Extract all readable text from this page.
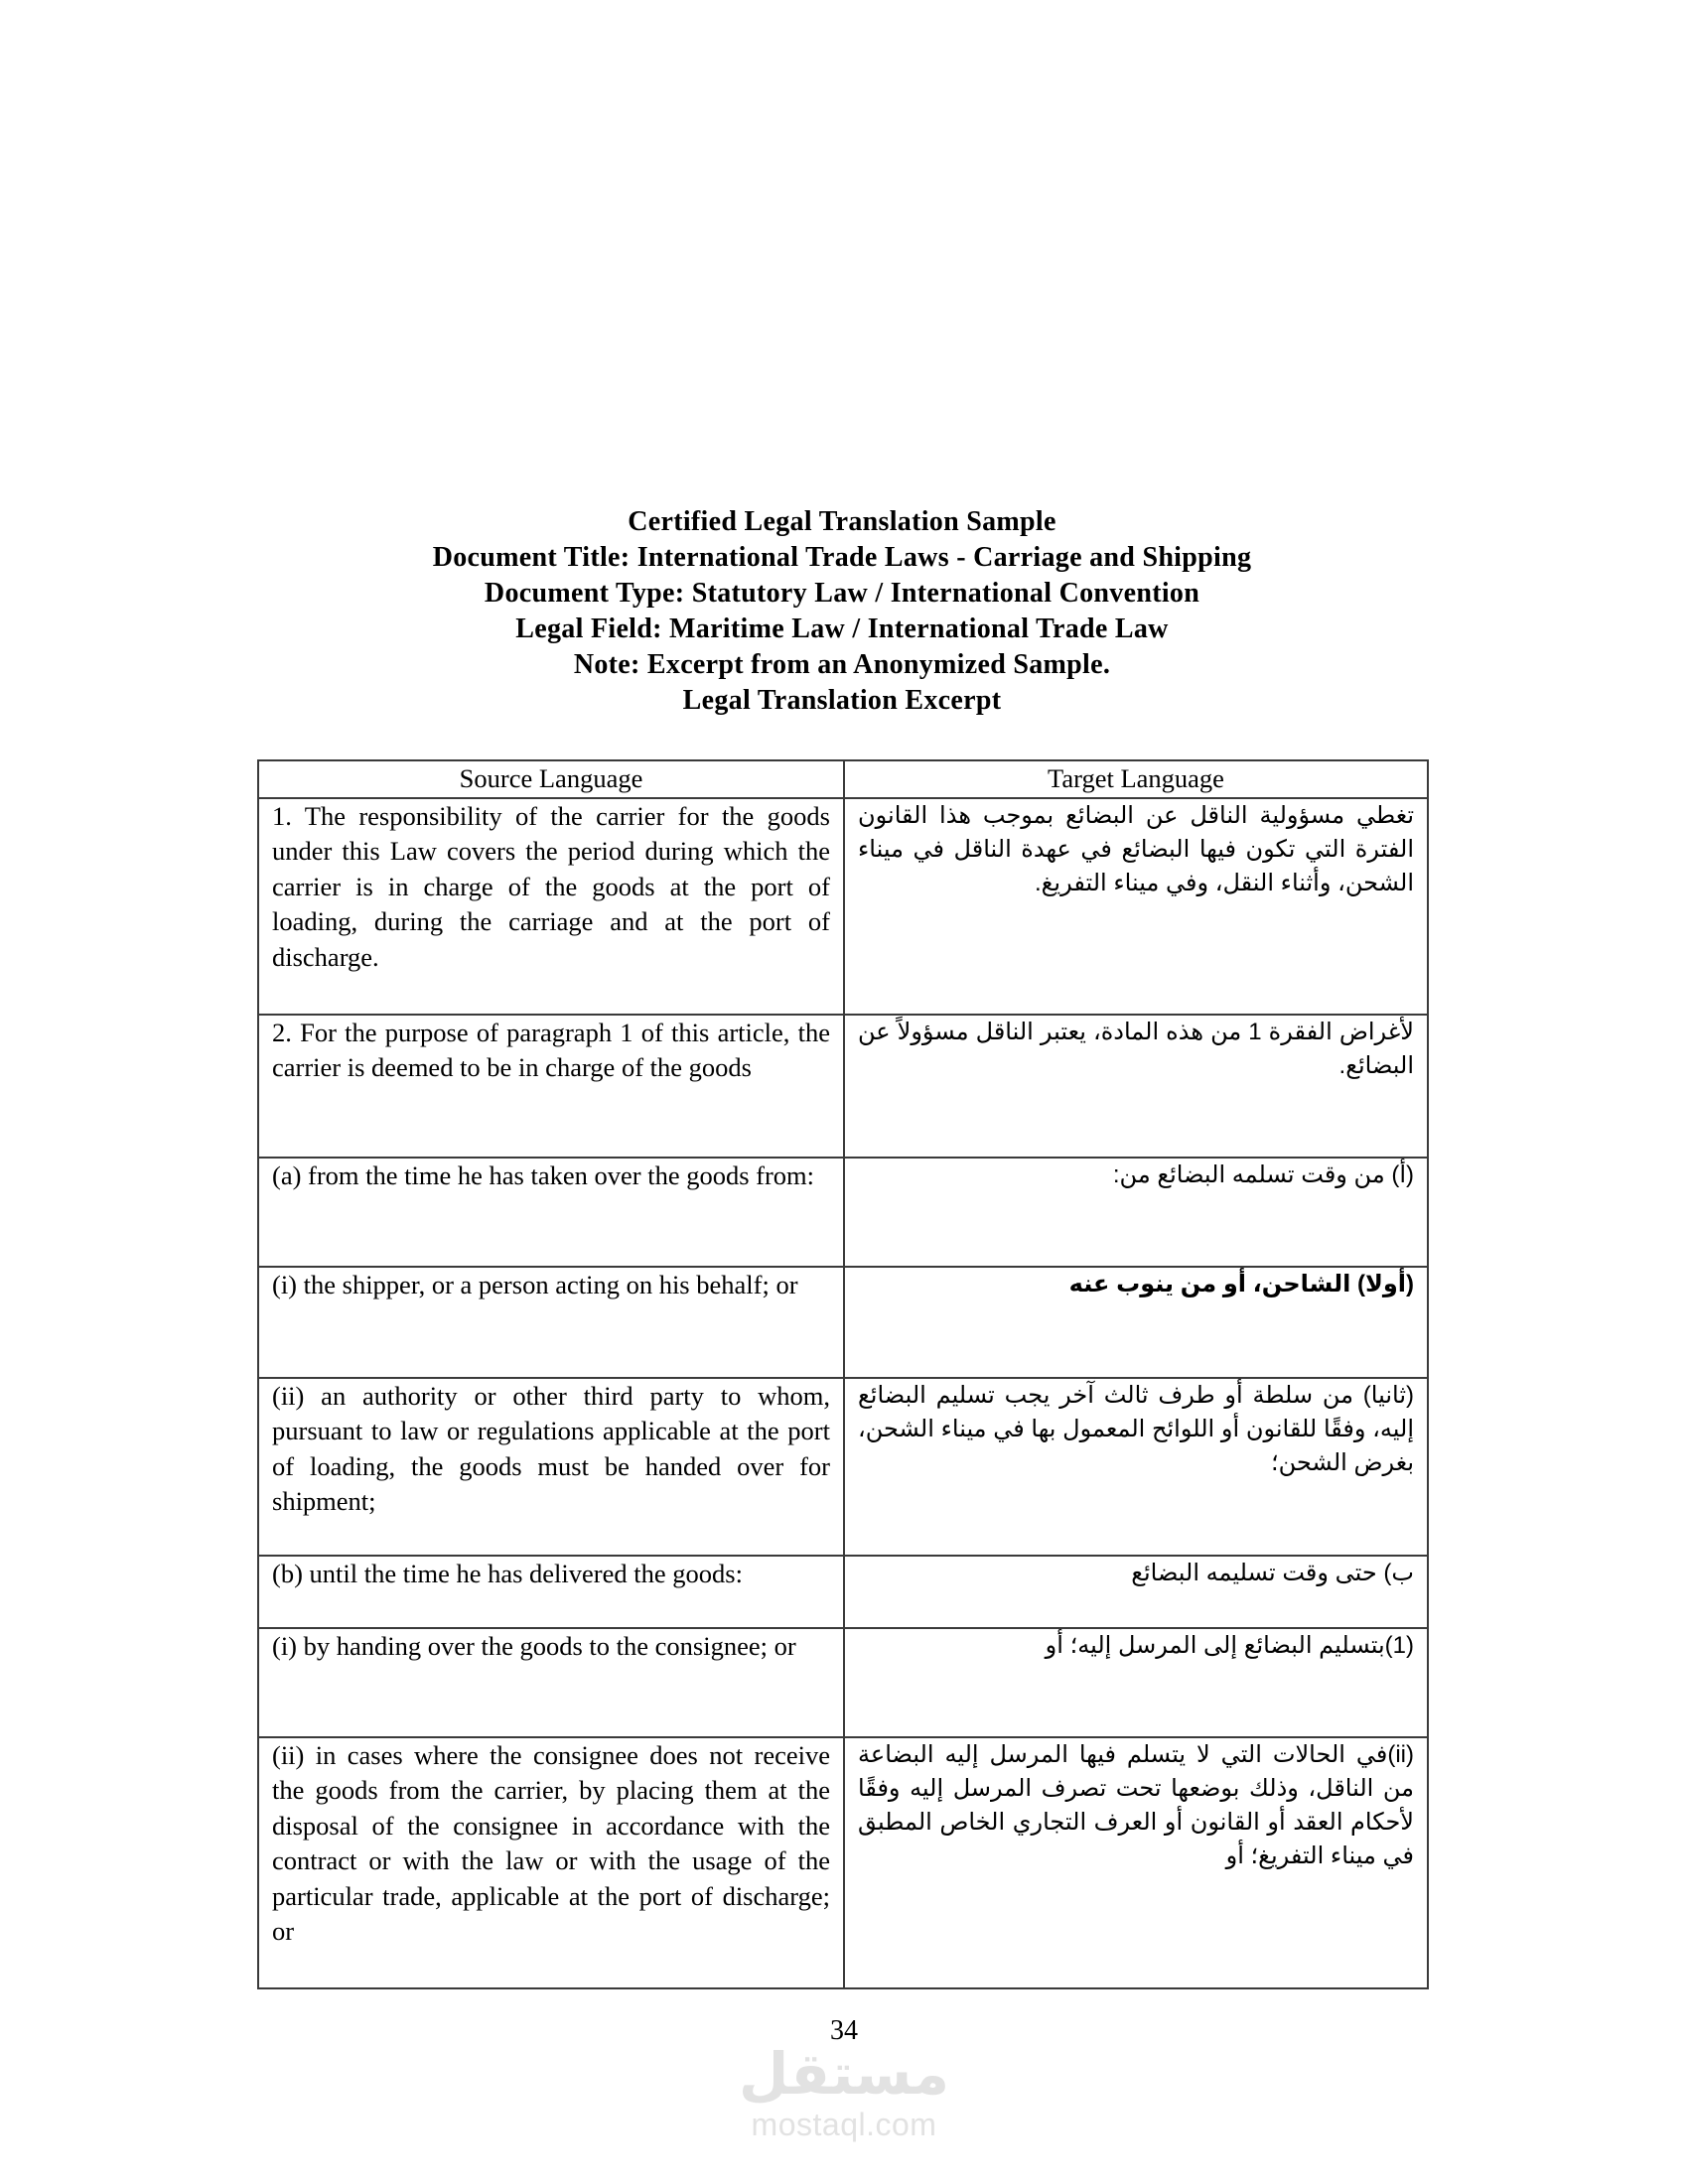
Certified Legal Translation Sample
Document Title: International Trade Laws - Carriage and Shipping
Document Type: Statutory Law / International Convention
Legal Field: Maritime Law / International Trade Law
Note: Excerpt from an Anonymized Sample.
Legal Translation Excerpt
Source Language	Target Language
1. The responsibility of the carrier for the goods under this Law covers the period during which the carrier is in charge of the goods at the port of loading, during the carriage and at the port of discharge.	تغطي مسؤولية الناقل عن البضائع بموجب هذا القانون الفترة التي تكون فيها البضائع في عهدة الناقل في ميناء الشحن، وأثناء النقل، وفي ميناء التفريغ.
2. For the purpose of paragraph 1 of this article, the carrier is deemed to be in charge of the goods	لأغراض الفقرة 1 من هذه المادة، يعتبر الناقل مسؤولاً عن البضائع.
(a) from the time he has taken over the goods from:	(أ) من وقت تسلمه البضائع من:
(i) the shipper, or a person acting on his behalf; or	(أولا) الشاحن، أو من ينوب عنه
(ii) an authority or other third party to whom, pursuant to law or regulations applicable at the port of loading, the goods must be handed over for shipment;	(ثانيا) من سلطة أو طرف ثالث آخر يجب تسليم البضائع إليه، وفقًا للقانون أو اللوائح المعمول بها في ميناء الشحن، بغرض الشحن؛
(b) until the time he has delivered the goods:	ب) حتى وقت تسليمه البضائع
(i) by handing over the goods to the consignee; or	(1)بتسليم البضائع إلى المرسل إليه؛ أو
(ii) in cases where the consignee does not receive the goods from the carrier, by placing them at the disposal of the consignee in accordance with the contract or with the law or with the usage of the particular trade, applicable at the port of discharge; or	(ii)في الحالات التي لا يتسلم فيها المرسل إليه البضاعة من الناقل، وذلك بوضعها تحت تصرف المرسل إليه وفقًا لأحكام العقد أو القانون أو العرف التجاري الخاص المطبق في ميناء التفريغ؛ أو
34
مستقل
mostaql.com
